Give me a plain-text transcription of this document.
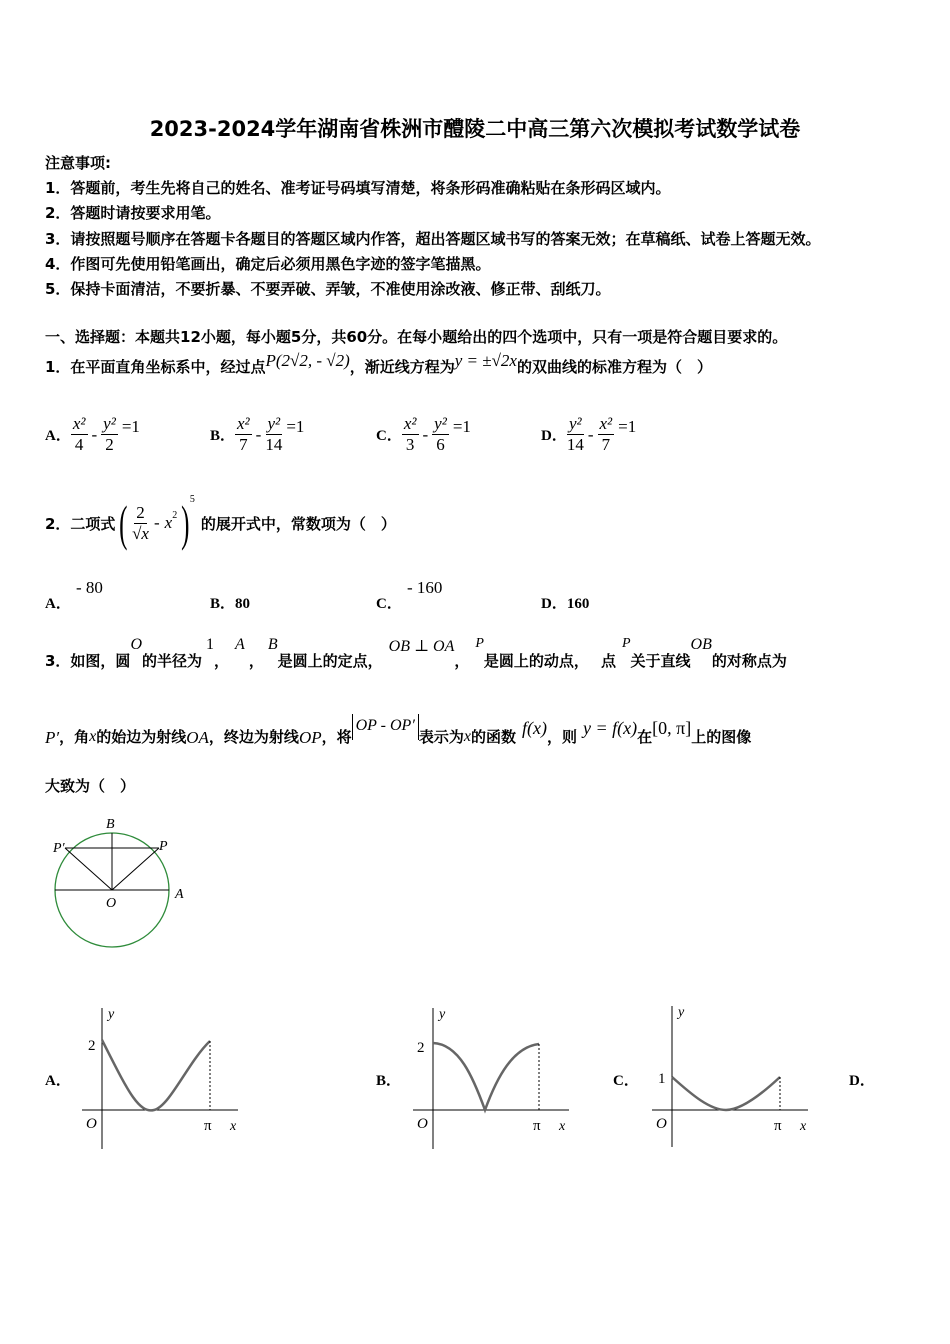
2023-2024学年湖南省株洲市醴陵二中高三第六次模拟考试数学试卷
注意事项:
1．答题前，考生先将自己的姓名、准考证号码填写清楚，将条形码准确粘贴在条形码区域内。
2．答题时请按要求用笔。
3．请按照题号顺序在答题卡各题目的答题区域内作答，超出答题区域书写的答案无效；在草稿纸、试卷上答题无效。
4．作图可先使用铅笔画出，确定后必须用黑色字迹的签字笔描黑。
5．保持卡面清洁，不要折暴、不要弄破、弄皱，不准使用涂改液、修正带、刮纸刀。
一、选择题：本题共12小题，每小题5分，共60分。在每小题给出的四个选项中，只有一项是符合题目要求的。
1．在平面直角坐标系中，经过点 P(2√2, - √2) ，渐近线方程为 y = ±√2x 的双曲线的标准方程为（　）
A． $\frac{\text{x²}}{4} - \frac{\text{y²}}{2} =1$
B． $\frac{\text{x²}}{7} - \frac{\text{y²}}{14} =1$
C． $\frac{\text{x²}}{3} - \frac{\text{y²}}{6} =1$
D． $\frac{\text{y²}}{14} - \frac{\text{x²}}{7} =1$
2．二项式 ( $\frac{2}{√x}$ - x 2 ) 5
的展开式中，常数项为（　）
A． - 80
B．80	C． - 160
D．160
3．如图，圆
O
的半径为
1
，
A
，
B
是圆上的定点，
OB ⊥ OA
，
P
是圆上的动点， 点
P
关于直线
OB
的对称点为
P′ ，角 x 的始边为射线 OA ，终边为射线 OP ，将
OP - OP′
表示为 x 的函数 f(x) ，则 y = f(x) 在 [0, π] 上的图像
大致为（　）
B
P′	P
O
A
A．
y
2
O	π x
B．
y
2
O	π x
C．
y
1
O	π x
D．
